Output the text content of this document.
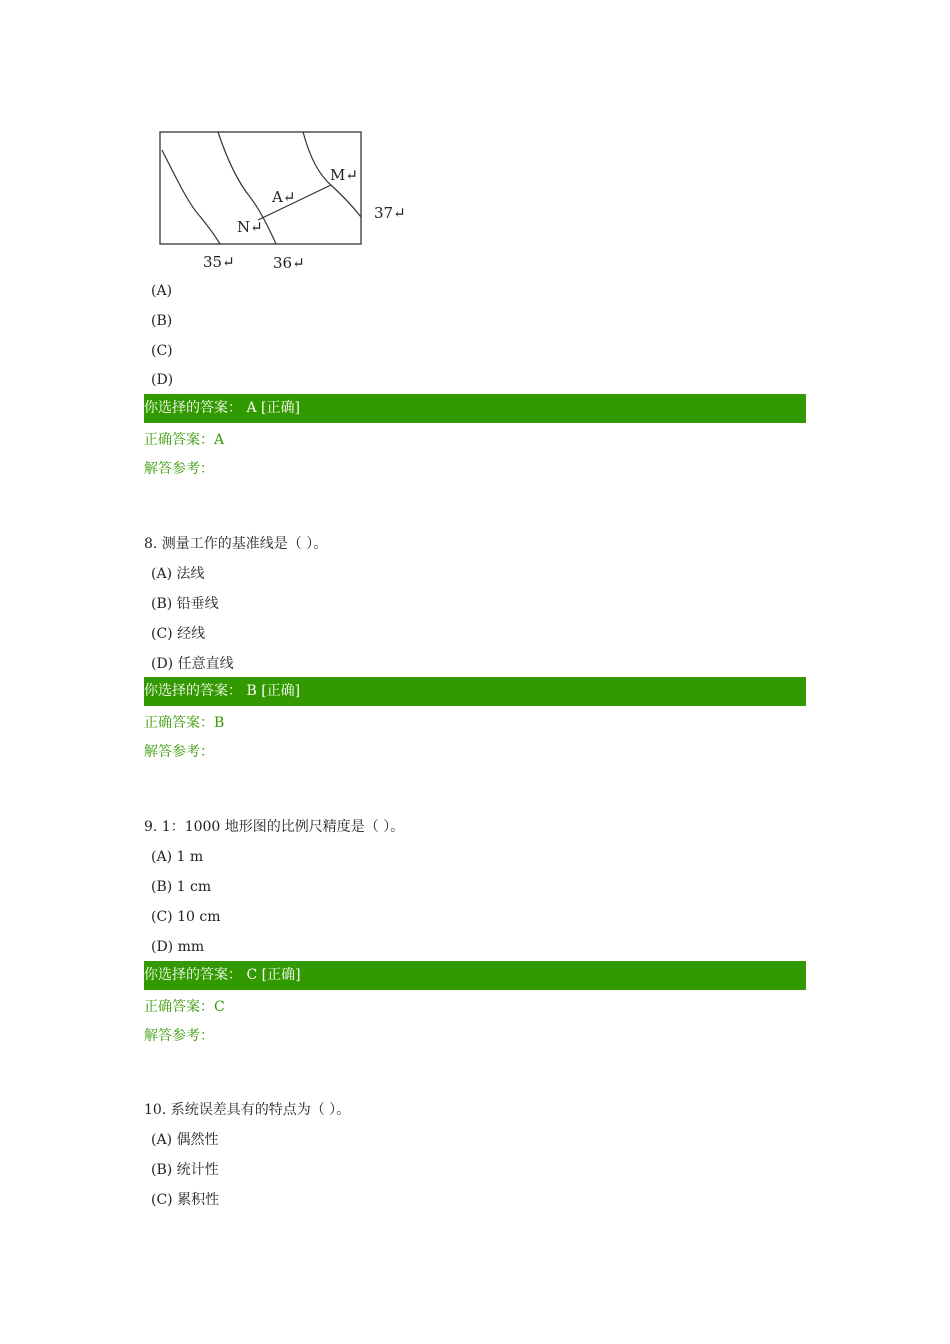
A↵
M↵
N↵
35↵	36↵
37↵
(A)
(B)
(C)
(D)
你选择的答案： A [正确]
正确答案：A
解答参考：
8. 测量工作的基准线是（ ）。
(A) 法线
(B) 铅垂线
(C) 经线
(D) 任意直线
你选择的答案： B [正确]
正确答案：B
解答参考：
9. 1：1000 地形图的比例尺精度是（ ）。
(A) 1 m
(B) 1 cm
(C) 10 cm
(D) mm
你选择的答案： C [正确]
正确答案：C
解答参考：
10. 系统误差具有的特点为（ ）。
(A) 偶然性
(B) 统计性
(C) 累积性
